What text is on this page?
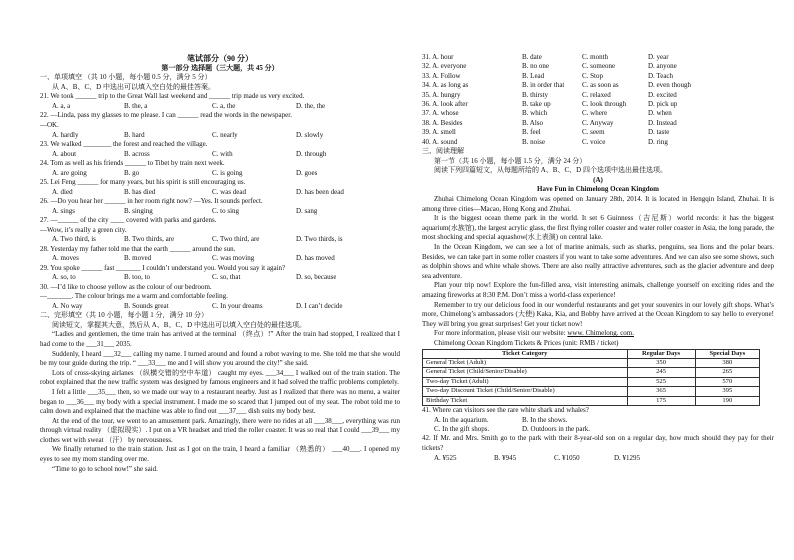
笔试部分（90 分）
第一部分 选择题（三大题，共 45 分）
一、单项填空 （共 10 小题，每小题 0.5 分，满分 5 分）
从 A、B、C、D 中选出可以填入空白处的最佳答案。
21. We took ______ trip to the Great Wall last weekend and ______ trip made us very excited.
A. a, a	B. the, a	C. a, the	D. the, the
22. —Linda, pass my glasses to me please. I can ______ read the words in the newspaper.
—OK.
A. hardly	B. hard	C. nearly	D. slowly
23. We walked ________ the forest and reached the village.
A. about	B. across	C. with	D. through
24. Tom as well as his friends ______ to Tibet by train next week.
A. are going	B. go	C. is going	D. goes
25. Lei Feng ______ for many years, but his spirit is still encouraging us.
A. died	B. has died	C. was dead	D. has been dead
26. —Do you hear her ______ in her room right now? —Yes. It sounds perfect.
A. sings	B. singing	C. to sing	D. sang
27. —______ of the city ____ covered with parks and gardens.
—Wow, it’s really a green city.
A. Two third, is	B. Two thirds, are	C. Two third, are	D. Two thirds, is
28. Yesterday my father told me that the earth ______ around the sun.
A. moves	B. moved	C. was moving	D. has moved
29. You spoke ______ fast _______ I couldn’t understand you. Would you say it again?
A. so, to	B. too, to	C. so, that	D. so, because
30. —I’d like to choose yellow as the colour of our bedroom.
—_______. The colour brings me a warm and comfortable feeling.
A. No way	B. Sounds great	C. In your dreams	D. I can’t decide
二、完形填空（共 10 小题，每小题 1 分，满分 10 分）
阅读短文，掌握其大意，然后从 A、B、C、D 中选出可以填入空白处的最佳选项。
“Ladies and gentlemen, the time train has arrived at the terminal （终点）!” After the train had stopped, I realized that I had come to the ___31___ 2035.
Suddenly, I heard ___32___ calling my name. I turned around and found a robot waving to me. She told me that she would be my tour guide during the trip. “ ___33___ me and I will show you around the city!” she said.
Lots of cross-skying airlanes （纵横交错的空中车道） caught my eyes. ___34___ I walked out of the train station. The robot explained that the new traffic system was designed by famous engineers and it had solved the traffic problems completely.
I felt a little ___35___ then, so we made our way to a restaurant nearby. Just as I realized that there was no menu, a waiter began to ___36___ my body with a special instrument. I made me so scared that I jumped out of my seat. The robot told me to calm down and explained that the machine was able to find out ___37___ dish suits my body best.
At the end of the tour, we went to an amusement park. Amazingly, there were no rides at all ___38___, everything was run through virtual reality （虚拟现实）. I put on a VR headset and tried the roller coaster. It was so real that I could ___39___ my clothes wet with sweat （汗） by nervousness.
We finally returned to the train station. Just as I got on the train, I heard a familiar （熟悉的） ___40___. I opened my eyes to see my mom standing over me.
“Time to go to school now!” she said.
31. A. hour	B. date	C. month	D. year
32. A. everyone	B. no one	C. someone	D. anyone
33. A. Follow	B. Lead	C. Stop	D. Teach
34. A. as long as	B. in order that	C. as soon as	D. even though
35. A. hungry	B. thirsty	C. relaxed	D. excited
36. A. look after	B. take up	C. look through	D. pick up
37. A. whose	B. which	C. where	D. when
38. A. Besides	B. Also	C. Anyway	D. Instead
39. A. smell	B. feel	C. seem	D. taste
40. A. sound	B. noise	C. voice	D. ring
三、阅读理解
第一节（共 16 小题，每小题 1.5 分，满分 24 分）
阅读下列四篇短文，从每题所给的 A、B、C、D 四个选项中选出最佳选项。
(A)
Have Fun in Chimelong Ocean Kingdom
Zhuhai Chimelong Ocean Kingdom was opened on January 28th, 2014. It is located in Hengqin Island, Zhuhai. It is among three cities—Macao, Hong Kong and Zhuhai.
It is the biggest ocean theme park in the world. It set 6 Guinness（吉尼斯）world records: it has the biggest aquarium(水族馆), the largest acrylic glass, the first flying roller coaster and water roller coaster in Asia, the long parade, the most shocking and special aquashow(水上表演) on central lake.
In the Ocean Kingdom, we can see a lot of marine animals, such as sharks, penguins, sea lions and the polar bears. Besides, we can take part in some roller coasters if you want to take some adventures. And we can also see some shows, such as dolphin shows and white whale shows. There are also really attractive adventures, such as the glacier adventure and deep sea adventure.
Plan your trip now! Explore the fun-filled area, visit interesting animals, challenge yourself on exciting rides and the amazing fireworks at 8:30 P.M. Don’t miss a world-class experience!
Remember to try our delicious food in our wonderful restaurants and get your souvenirs in our lovely gift shops. What’s more, Chimelong’s ambassadors (大使) Kaka, Kia, and Bobby have arrived at the Ocean Kingdom to say hello to everyone! They will bring you great surprises! Get your ticket now!
For more information, please visit our website: www. Chimelong. com.
Chimelong Ocean Kingdom Tickets & Prices (unit: RMB / ticket)
Ticket Category	Regular Days	Special Days
General Ticket (Adult)	350	380
General Ticket (Child/Senior/Disable)	245	265
Two-day Ticket (Adult)	525	570
Two-day Discount Ticket (Child/Senior/Disable)	365	395
Birthday Ticket	175	190
41. Where can visitors see the rare white shark and whales?
A. In the aquarium.	B. In the shows.
C. In the gift shops.	D. Outdoors in the park.
42. If Mr. and Mrs. Smith go to the park with their 8-year-old son on a regular day, how much should they pay for their tickets?
A. ¥525	B. ¥945	C. ¥1050	D. ¥1295
